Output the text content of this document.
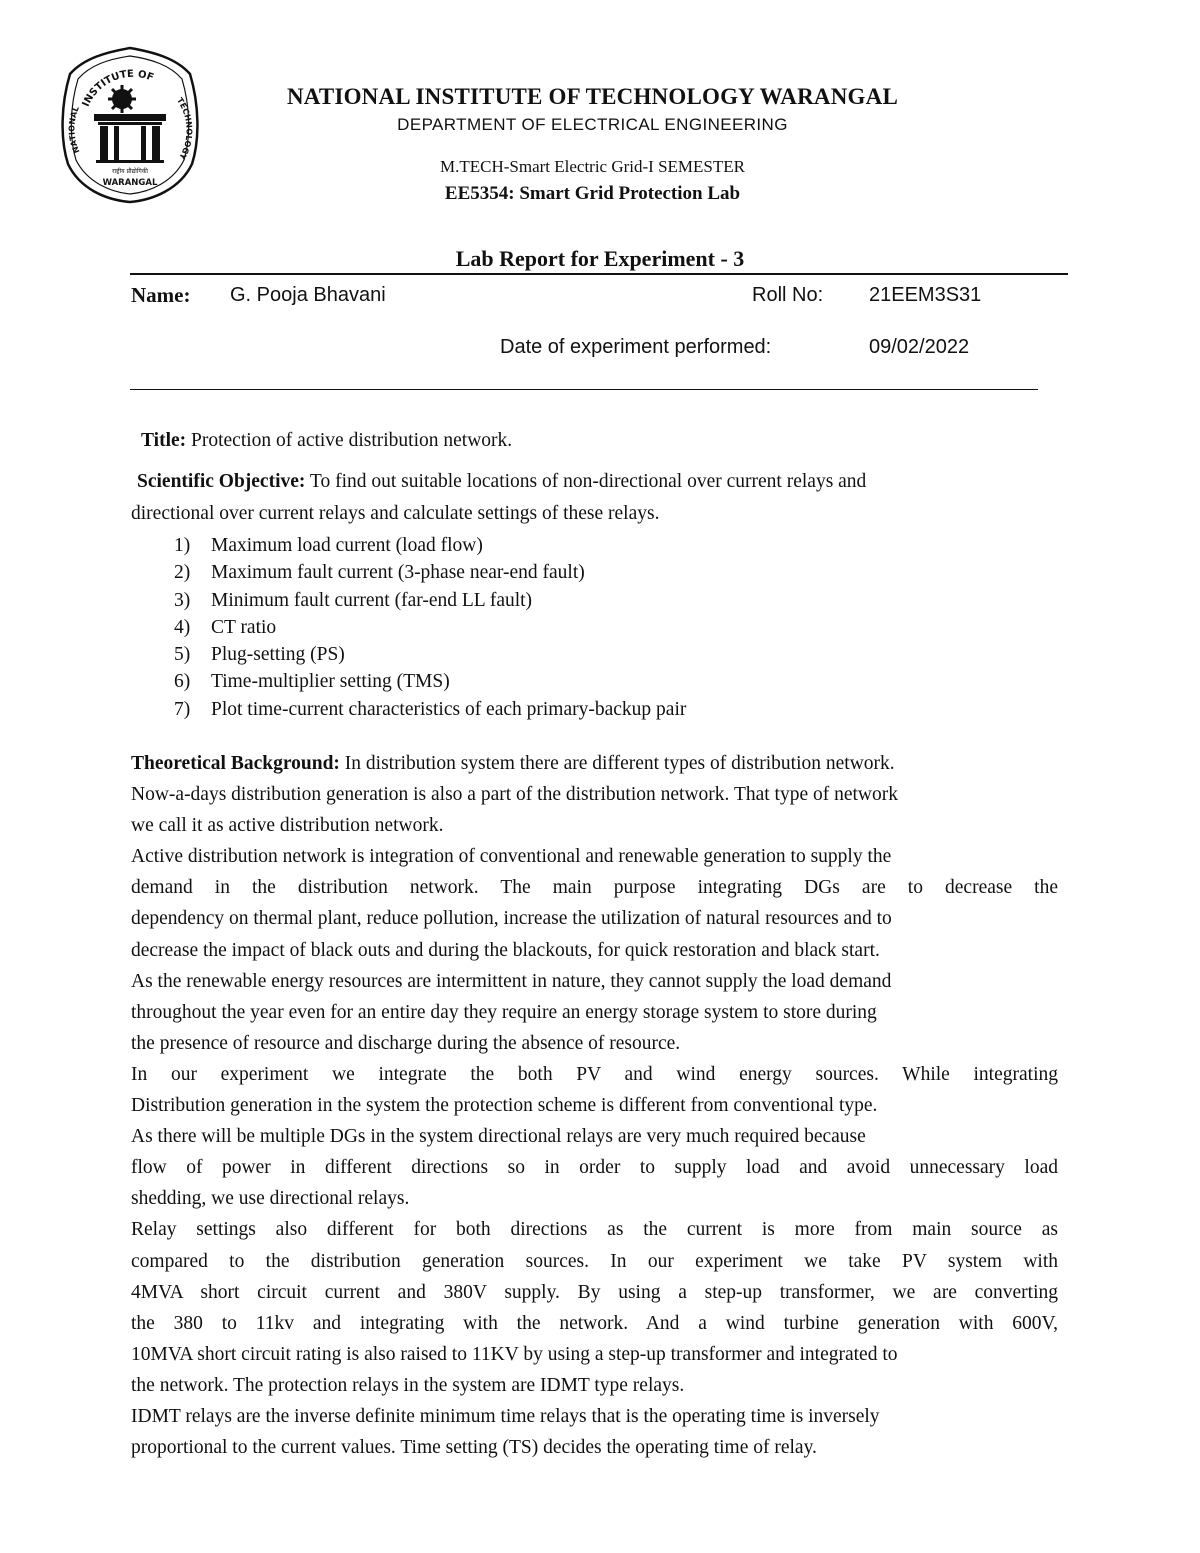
INSTITUTE OF
NATIONAL
TECHNOLOGY
राष्ट्रीय प्रौद्योगिकी
WARANGAL

NATIONAL INSTITUTE OF TECHNOLOGY WARANGAL

DEPARTMENT OF ELECTRICAL ENGINEERING

M.TECH-Smart Electric Grid-I SEMESTER

EE5354: Smart Grid Protection Lab

Lab Report for Experiment - 3
Name: G. Pooja Bhavani	Roll No: 21EEM3S31
Date of experiment performed:	09/02/2022
Title: Protection of active distribution network.

Scientific Objective: To find out suitable locations of non-directional over current relays and

directional over current relays and calculate settings of these relays.

1) Maximum load current (load flow)
2) Maximum fault current (3-phase near-end fault)
3) Minimum fault current (far-end LL fault)
4) CT ratio
5) Plug-setting (PS)
6) Time-multiplier setting (TMS)
7) Plot time-current characteristics of each primary-backup pair

Theoretical Background: In distribution system there are different types of distribution network.

Now-a-days distribution generation is also a part of the distribution network. That type of network

we call it as active distribution network.

Active distribution network is integration of conventional and renewable generation to supply the

demand in the distribution network. The main purpose integrating DGs are to decrease the

dependency on thermal plant, reduce pollution, increase the utilization of natural resources and to

decrease the impact of black outs and during the blackouts, for quick restoration and black start.

As the renewable energy resources are intermittent in nature, they cannot supply the load demand

throughout the year even for an entire day they require an energy storage system to store during

the presence of resource and discharge during the absence of resource.

In our experiment we integrate the both PV and wind energy sources. While integrating

Distribution generation in the system the protection scheme is different from conventional type.

As there will be multiple DGs in the system directional relays are very much required because

flow of power in different directions so in order to supply load and avoid unnecessary load

shedding, we use directional relays.

Relay settings also different for both directions as the current is more from main source as

compared to the distribution generation sources. In our experiment we take PV system with

4MVA short circuit current and 380V supply. By using a step-up transformer, we are converting

the 380 to 11kv and integrating with the network. And a wind turbine generation with 600V,

10MVA short circuit rating is also raised to 11KV by using a step-up transformer and integrated to

the network. The protection relays in the system are IDMT type relays.

IDMT relays are the inverse definite minimum time relays that is the operating time is inversely

proportional to the current values. Time setting (TS) decides the operating time of relay.
